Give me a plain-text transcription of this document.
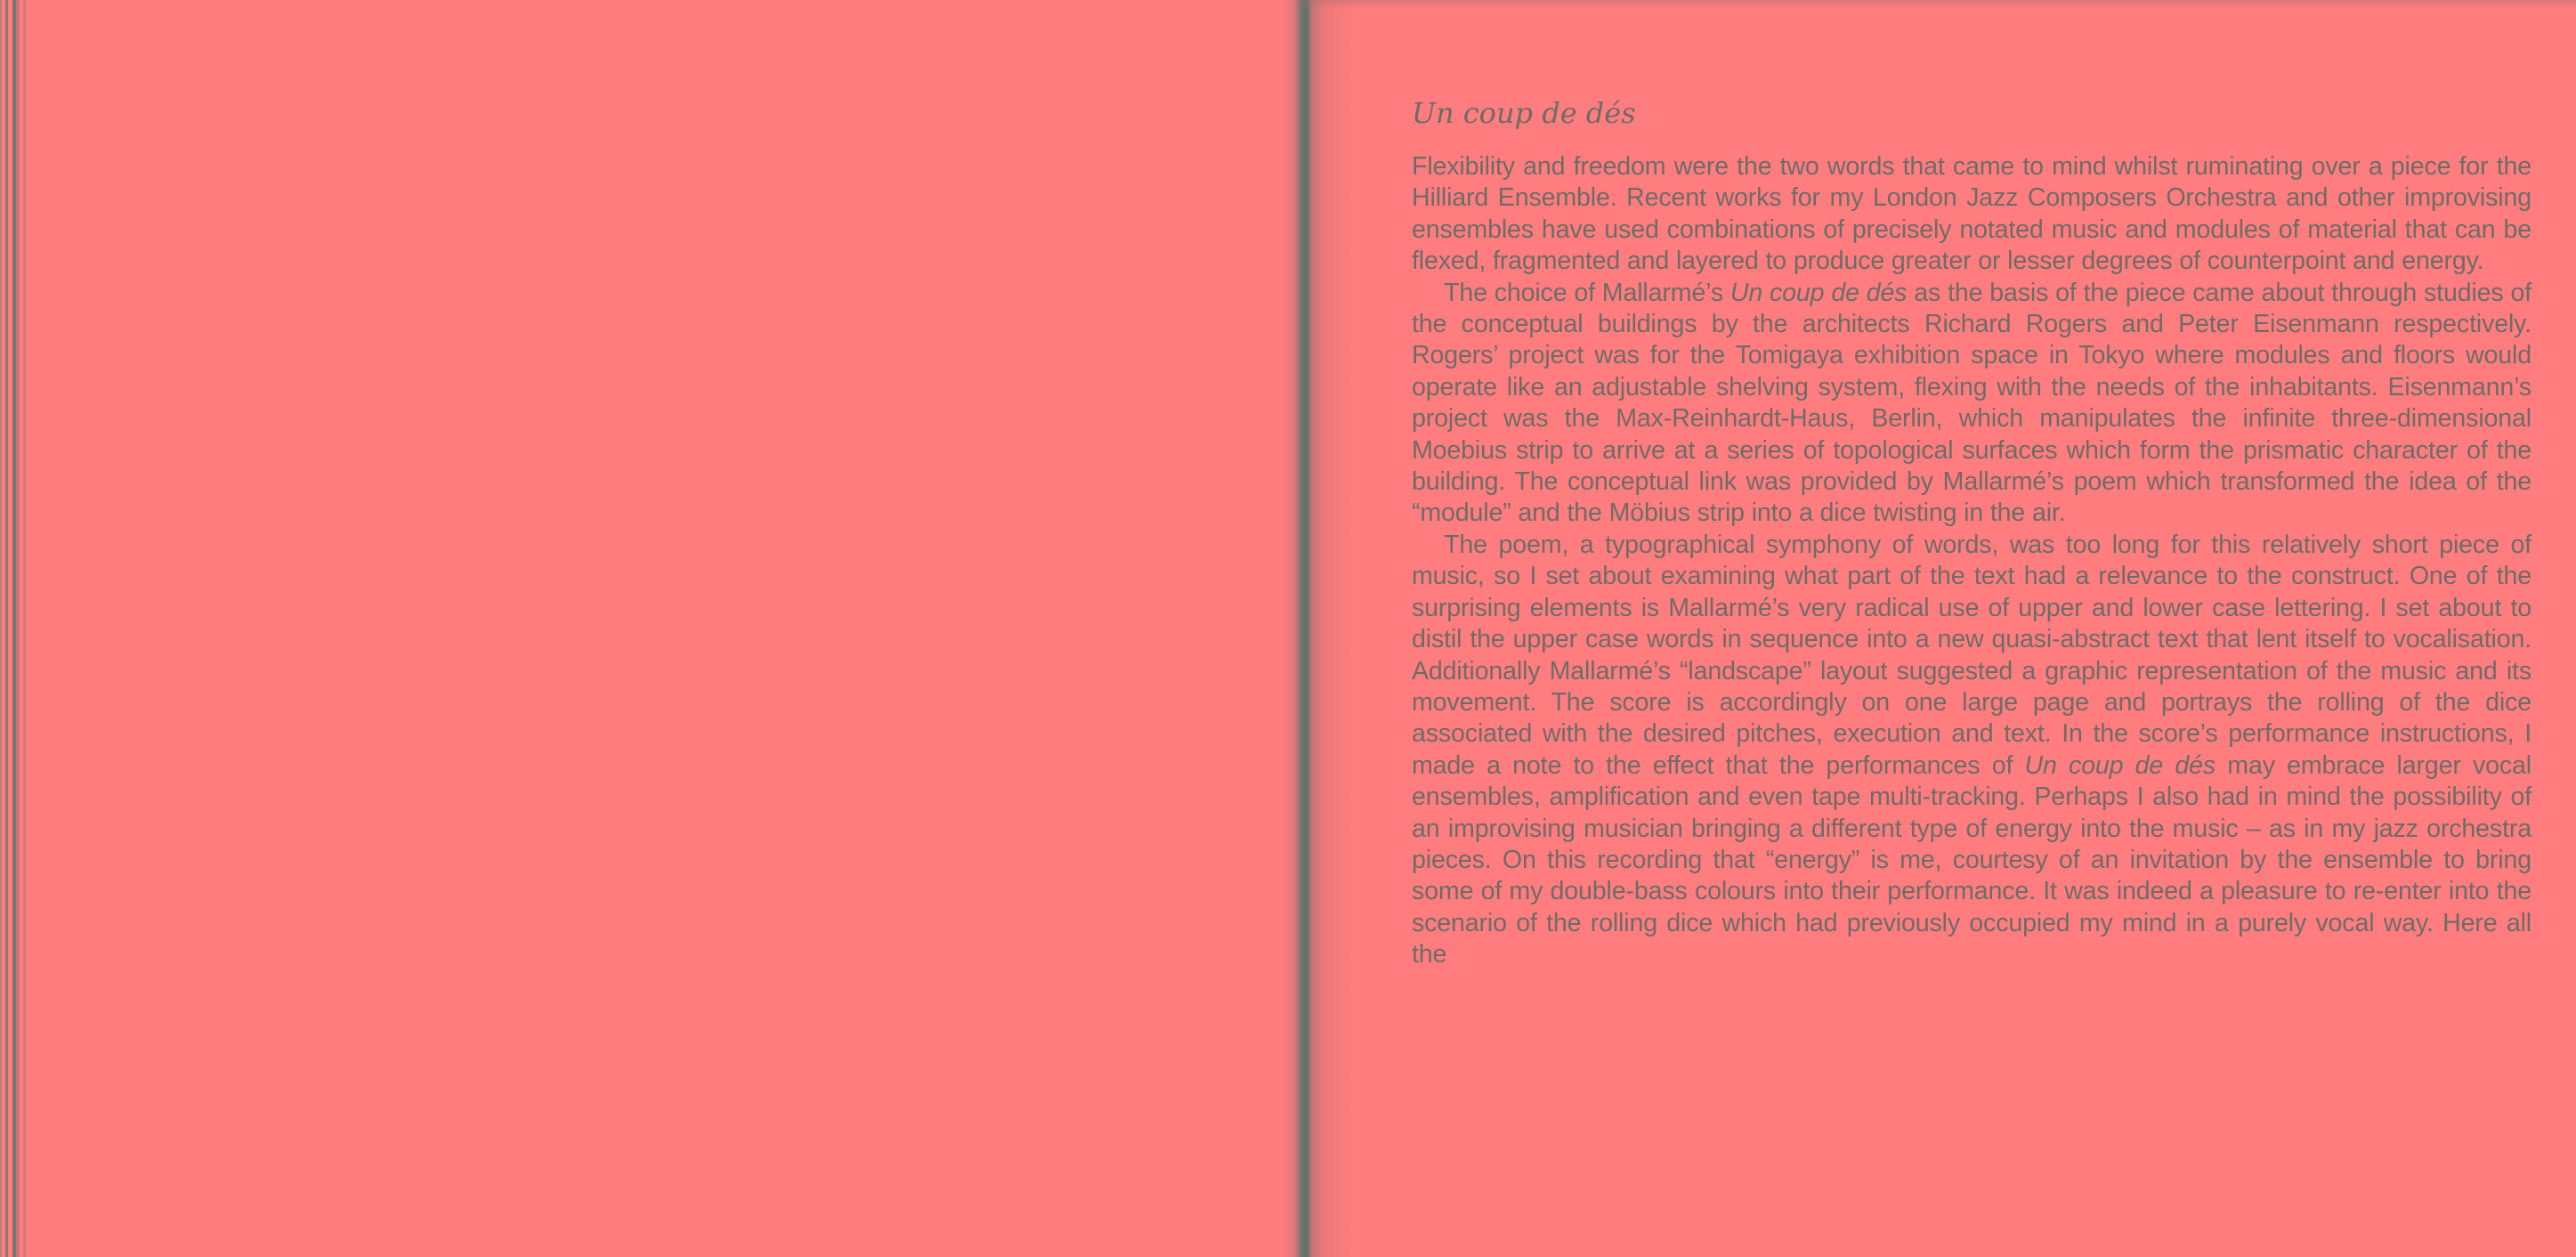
Un coup de dés

Flexibility and freedom were the two words that came to mind whilst ruminating over a piece for the Hilliard Ensemble. Recent works for my London Jazz Composers Orchestra and other improvising ensembles have used combinations of precisely notated music and modules of material that can be flexed, fragmented and layered to produce greater or lesser degrees of counterpoint and energy.

The choice of Mallarmé’s Un coup de dés as the basis of the piece came about through studies of the conceptual buildings by the architects Richard Rogers and Peter Eisenmann respectively. Rogers’ project was for the Tomigaya exhibition space in Tokyo where modules and floors would operate like an adjustable shelving system, flexing with the needs of the inhabitants. Eisenmann’s project was the Max-Reinhardt-Haus, Berlin, which manipulates the infinite three-dimensional Moebius strip to arrive at a series of topological surfaces which form the prismatic character of the building. The conceptual link was provided by Mallarmé’s poem which transformed the idea of the “module” and the Möbius strip into a dice twisting in the air.

The poem, a typographical symphony of words, was too long for this relatively short piece of music, so I set about examining what part of the text had a relevance to the construct. One of the surprising elements is Mallarmé’s very radical use of upper and lower case lettering. I set about to distil the upper case words in sequence into a new quasi-abstract text that lent itself to vocalisation. Additionally Mallarmé’s “landscape” layout suggested a graphic representation of the music and its movement. The score is accordingly on one large page and portrays the rolling of the dice associated with the desired pitches, execution and text. In the score’s performance instructions, I made a note to the effect that the performances of Un coup de dés may embrace larger vocal ensembles, amplification and even tape multi-tracking. Perhaps I also had in mind the possibility of an improvising musician bringing a different type of energy into the music – as in my jazz orchestra pieces. On this recording that “energy” is me, courtesy of an invitation by the ensemble to bring some of my double-bass colours into their performance. It was indeed a pleasure to re-enter into the scenario of the rolling dice which had previously occupied my mind in a purely vocal way. Here all the
